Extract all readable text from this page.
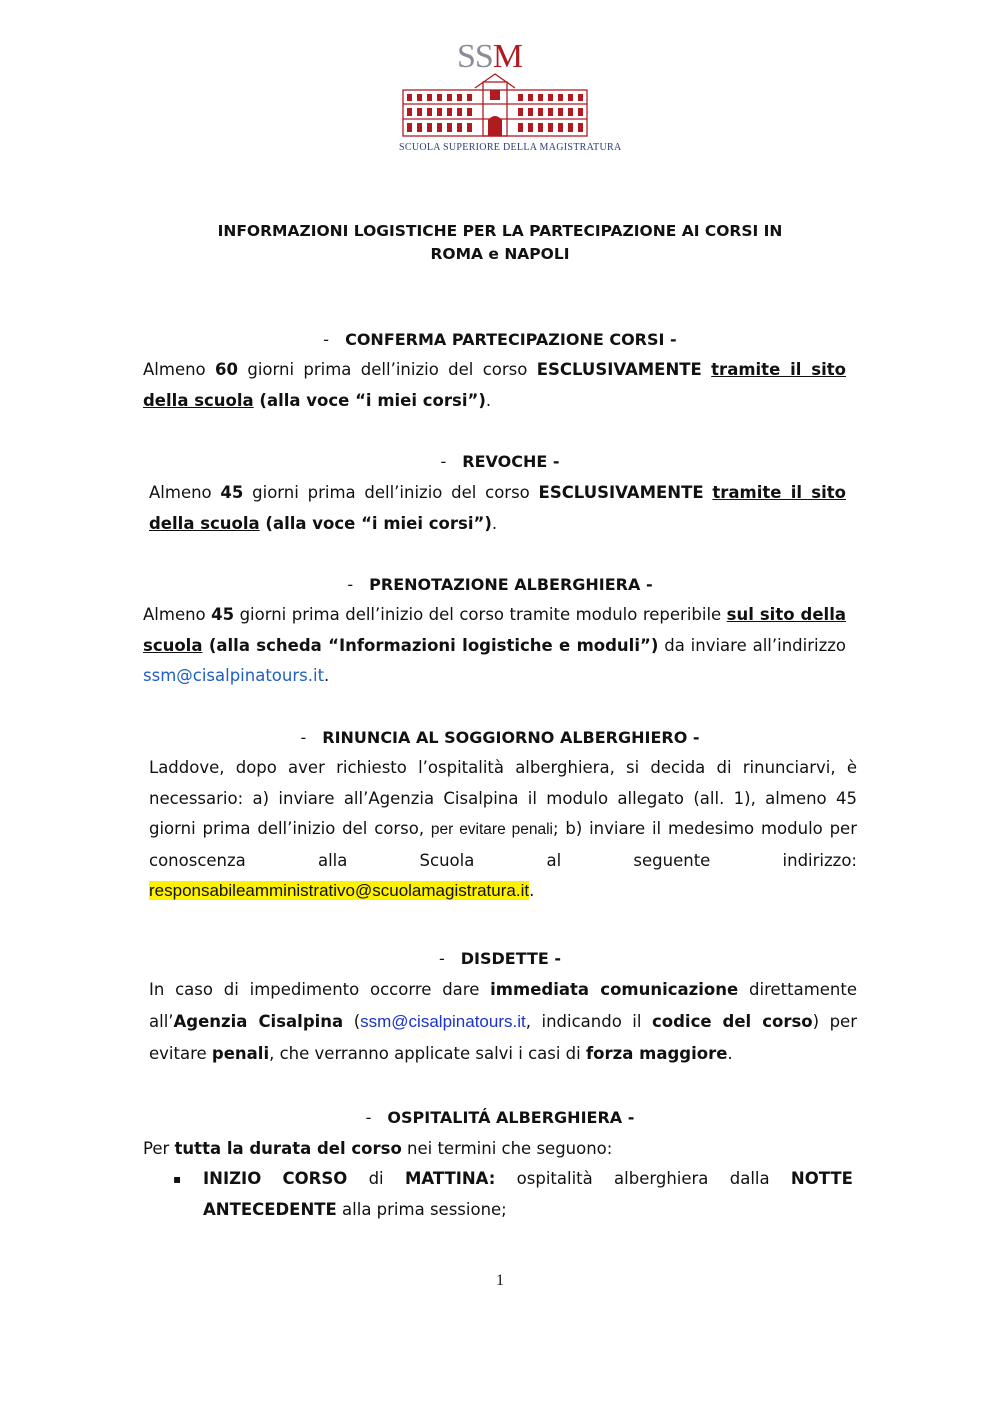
SSM
SCUOLA SUPERIORE DELLA MAGISTRATURA
INFORMAZIONI LOGISTICHE PER LA PARTECIPAZIONE AI CORSI IN
ROMA e NAPOLI
- CONFERMA PARTECIPAZIONE CORSI -
Almeno 60 giorni prima dell’inizio del corso ESCLUSIVAMENTE tramite il sito della scuola (alla voce “i miei corsi”).
- REVOCHE -
Almeno 45 giorni prima dell’inizio del corso ESCLUSIVAMENTE tramite il sito della scuola (alla voce “i miei corsi”).
- PRENOTAZIONE ALBERGHIERA -
Almeno 45 giorni prima dell’inizio del corso tramite modulo reperibile sul sito della scuola (alla scheda “Informazioni logistiche e moduli”) da inviare all’indirizzo ssm@cisalpinatours.it.
- RINUNCIA AL SOGGIORNO ALBERGHIERO -
Laddove, dopo aver richiesto l’ospitalità alberghiera, si decida di rinunciarvi, è
necessario: a) inviare all’Agenzia Cisalpina il modulo allegato (all. 1), almeno 45
giorni prima dell’inizio del corso, per evitare penali; b) inviare il medesimo modulo per
conoscenza	alla	Scuola	al	seguente	indirizzo:
responsabileamministrativo@scuolamagistratura.it.
- DISDETTE -
In caso di impedimento occorre dare immediata comunicazione direttamente all’Agenzia Cisalpina (ssm@cisalpinatours.it, indicando il codice del corso) per evitare penali, che verranno applicate salvi i casi di forza maggiore.
- OSPITALITÁ ALBERGHIERA -
Per tutta la durata del corso nei termini che seguono:
▪ INIZIO CORSO di MATTINA: ospitalità alberghiera dalla NOTTE
ANTECEDENTE alla prima sessione;
1
